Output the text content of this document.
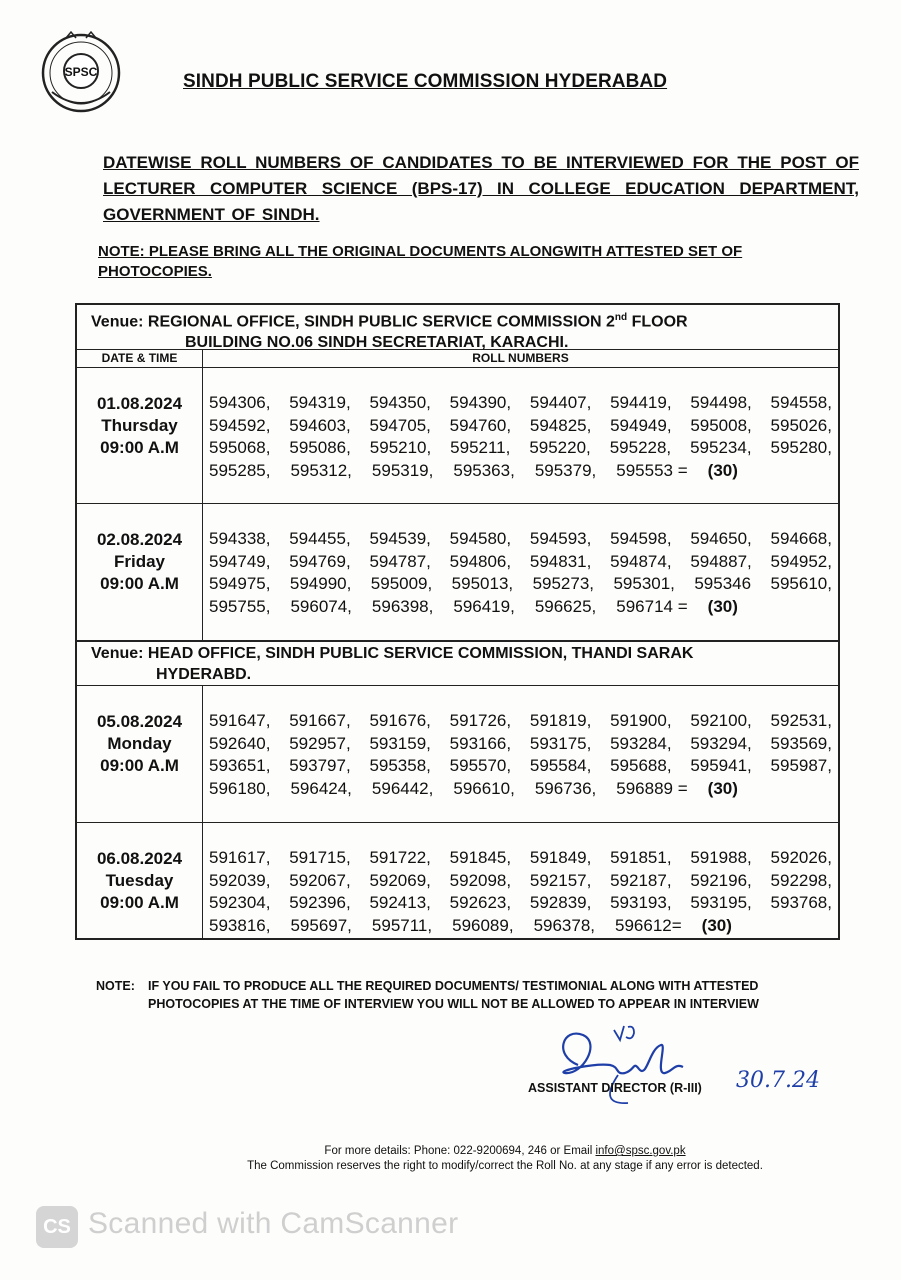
SPSC	SINDH PUBLIC SERVICE COMMISSION HYDERABAD
DATEWISE ROLL NUMBERS OF CANDIDATES TO BE INTERVIEWED FOR THE POST OF LECTURER COMPUTER SCIENCE (BPS-17) IN COLLEGE EDUCATION DEPARTMENT, GOVERNMENT OF SINDH.
NOTE: PLEASE BRING ALL THE ORIGINAL DOCUMENTS ALONGWITH ATTESTED SET OF PHOTOCOPIES.
Venue: REGIONAL OFFICE, SINDH PUBLIC SERVICE COMMISSION 2nd FLOOR
BUILDING NO.06 SINDH SECRETARIAT, KARACHI.
DATE & TIME	ROLL NUMBERS
01.08.2024
Thursday
09:00 A.M
594306, 594319, 594350, 594390, 594407, 594419, 594498, 594558,
594592, 594603, 594705, 594760, 594825, 594949, 595008, 595026,
595068, 595086, 595210, 595211, 595220, 595228, 595234, 595280,
595285, 595312, 595319, 595363, 595379, 595553 = (30)
02.08.2024
Friday
09:00 A.M
594338, 594455, 594539, 594580, 594593, 594598, 594650, 594668,
594749, 594769, 594787, 594806, 594831, 594874, 594887, 594952,
594975, 594990, 595009, 595013, 595273, 595301, 595346 595610,
595755, 596074, 596398, 596419, 596625, 596714 = (30)
Venue: HEAD OFFICE, SINDH PUBLIC SERVICE COMMISSION, THANDI SARAK
HYDERABD.
05.08.2024
Monday
09:00 A.M
591647, 591667, 591676, 591726, 591819, 591900, 592100, 592531,
592640, 592957, 593159, 593166, 593175, 593284, 593294, 593569,
593651, 593797, 595358, 595570, 595584, 595688, 595941, 595987,
596180, 596424, 596442, 596610, 596736, 596889 = (30)
06.08.2024
Tuesday
09:00 A.M
591617, 591715, 591722, 591845, 591849, 591851, 591988, 592026,
592039, 592067, 592069, 592098, 592157, 592187, 592196, 592298,
592304, 592396, 592413, 592623, 592839, 593193, 593195, 593768,
593816, 595697, 595711, 596089, 596378, 596612= (30)
NOTE: IF YOU FAIL TO PRODUCE ALL THE REQUIRED DOCUMENTS/ TESTIMONIAL ALONG WITH ATTESTED PHOTOCOPIES AT THE TIME OF INTERVIEW YOU WILL NOT BE ALLOWED TO APPEAR IN INTERVIEW
30.7.24
ASSISTANT DIRECTOR (R-III)
For more details: Phone: 022-9200694, 246 or Email info@spsc.gov.pk
The Commission reserves the right to modify/correct the Roll No. at any stage if any error is detected.
CS Scanned with CamScanner
